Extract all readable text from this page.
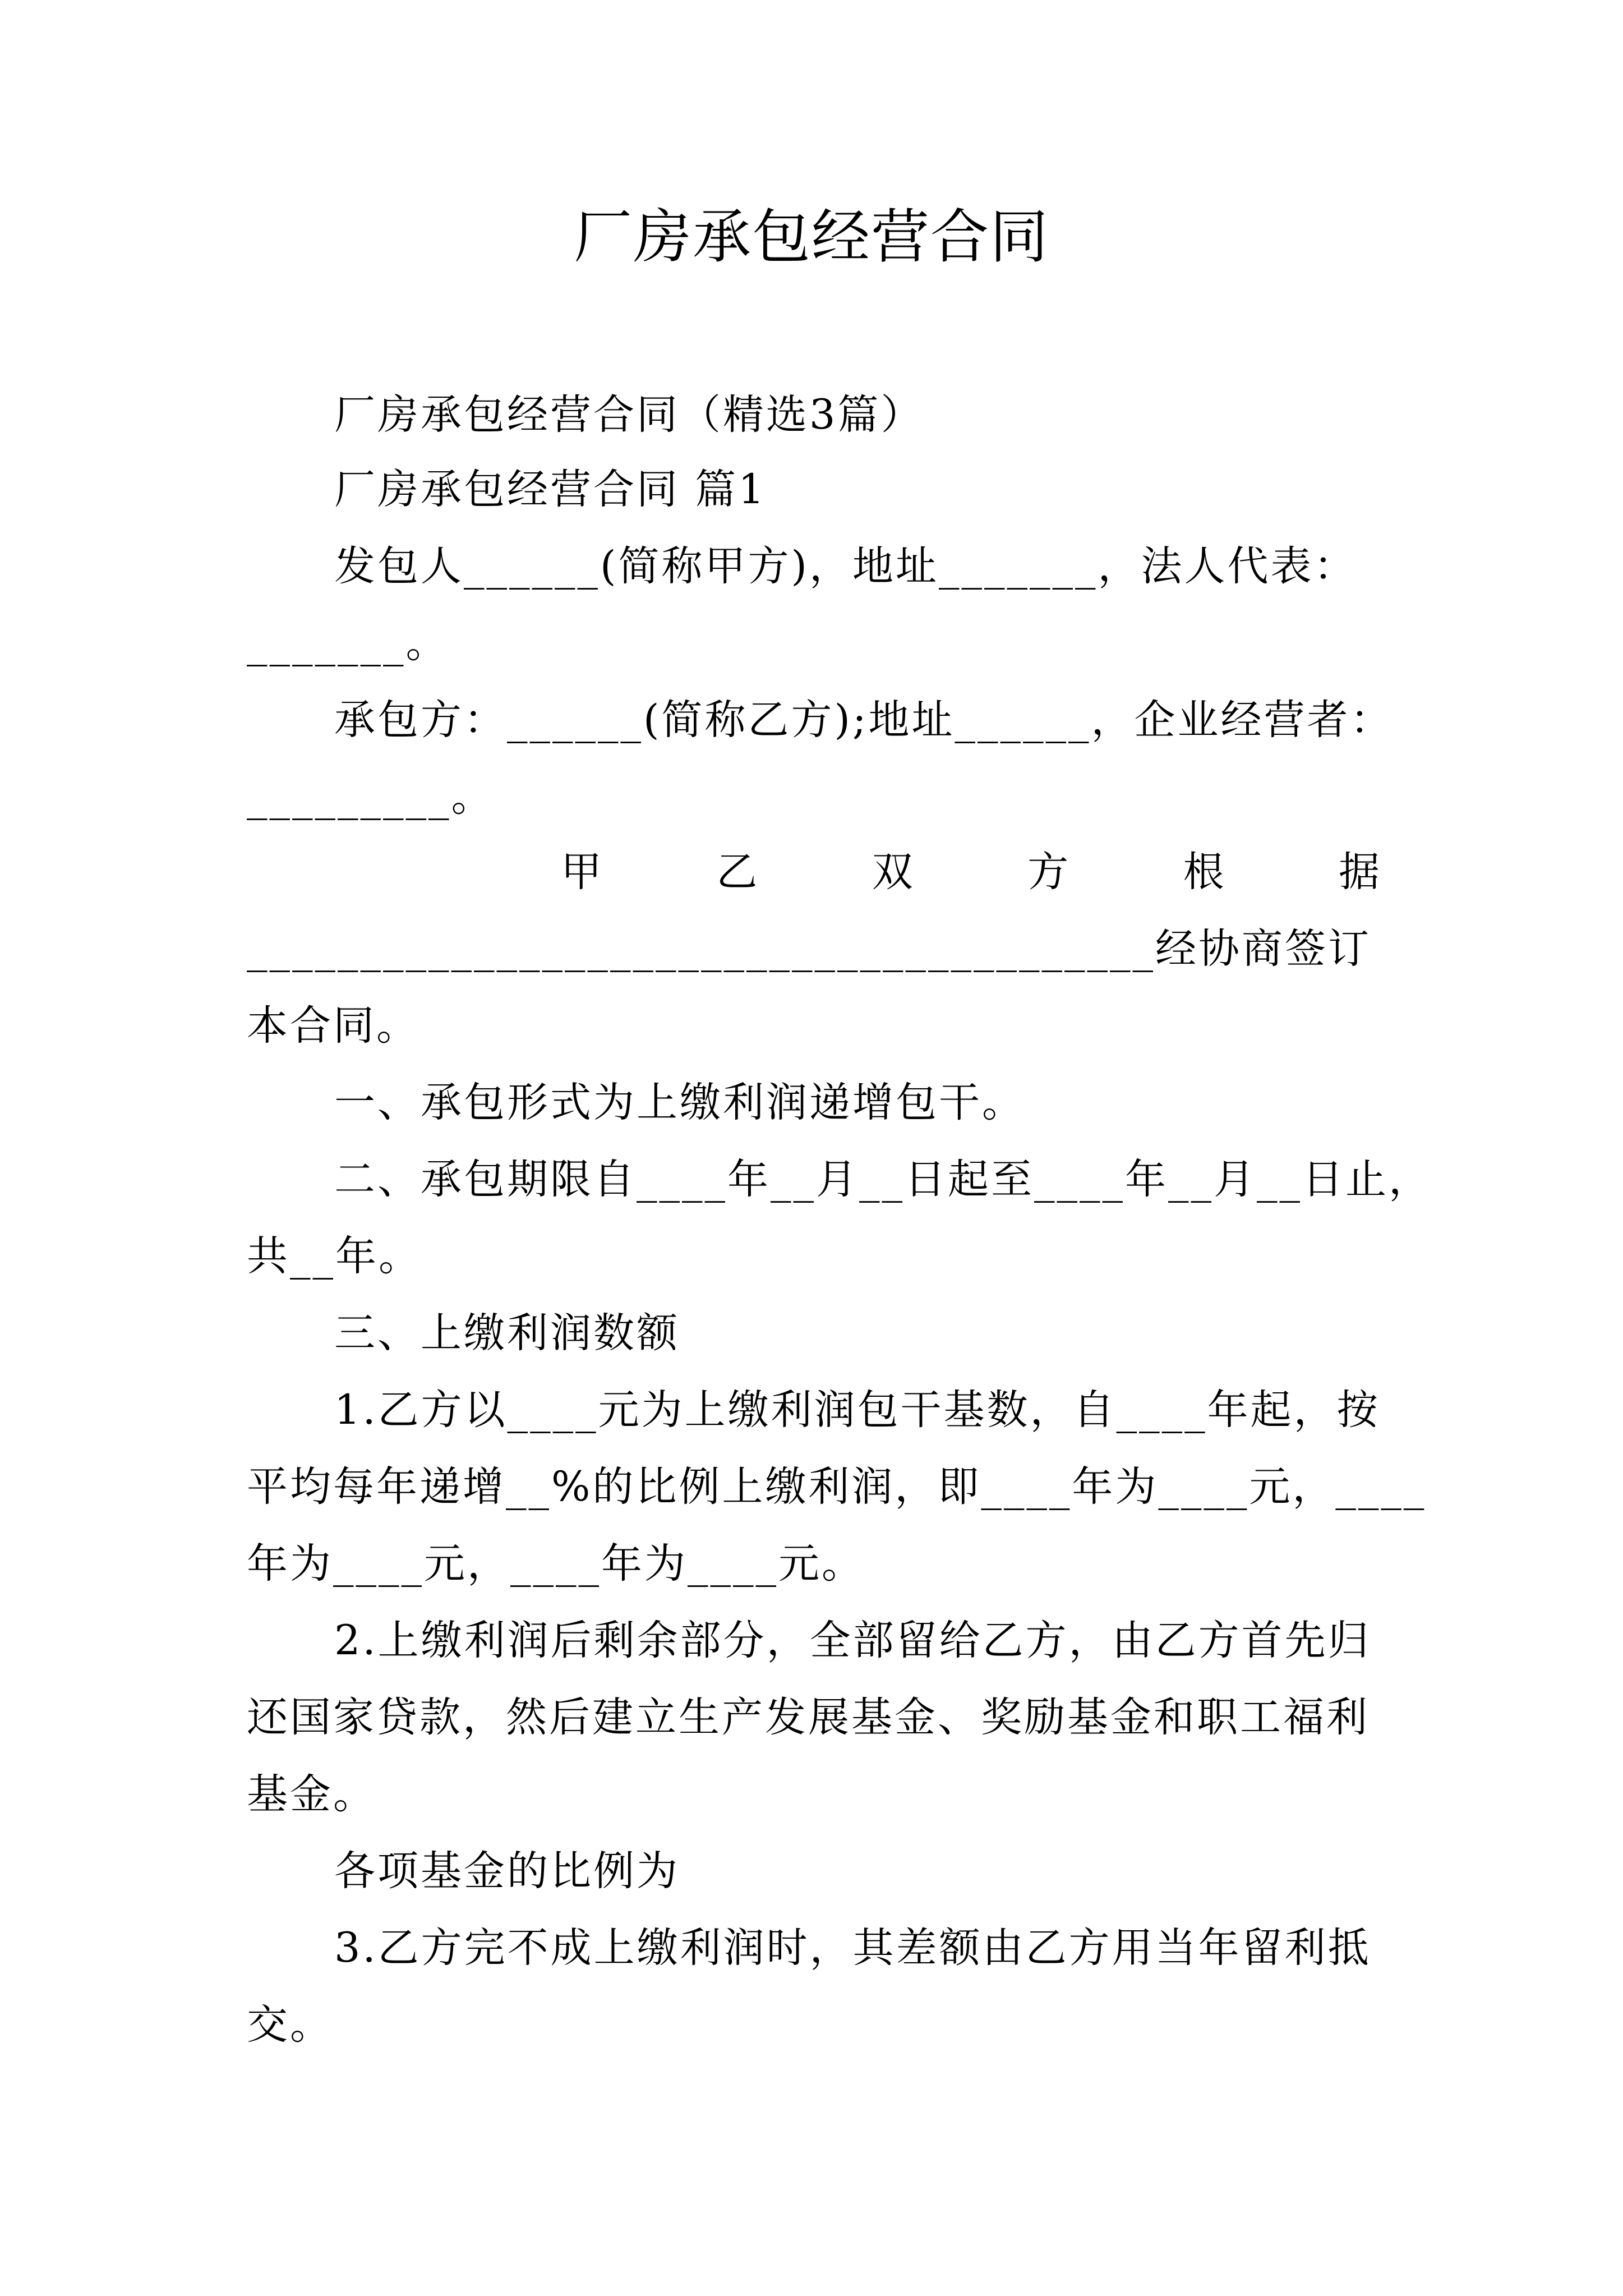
厂房承包经营合同
厂房承包经营合同（精选3篇）
厂房承包经营合同 篇1
发包人______(简称甲方)，地址_______，法人代表：
_______。
承包方：______(简称乙方);地址______，企业经营者：
_________。
甲	乙	双	方	根	据
________________________________________经协商签订
本合同。
一、承包形式为上缴利润递增包干。
二、承包期限自____年__月__日起至____年__月__日止，
共__年。
三、上缴利润数额
1.乙方以____元为上缴利润包干基数，自____年起，按
平均每年递增__%的比例上缴利润，即____年为____元，____
年为____元，____年为____元。
2.上缴利润后剩余部分，全部留给乙方，由乙方首先归
还国家贷款，然后建立生产发展基金、奖励基金和职工福利
基金。
各项基金的比例为
3.乙方完不成上缴利润时，其差额由乙方用当年留利抵
交。
